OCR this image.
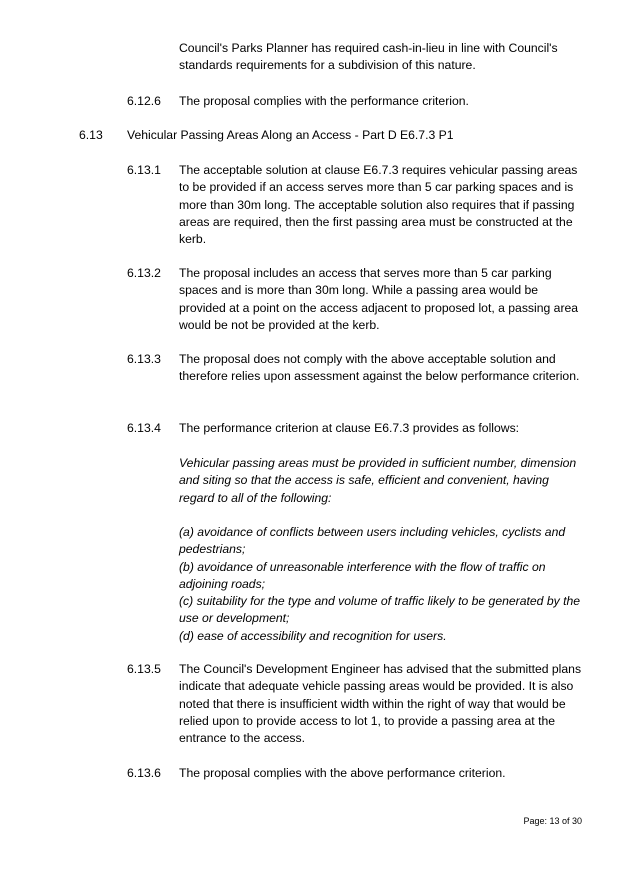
Council's Parks Planner has required cash-in-lieu in line with Council's standards requirements for a subdivision of this nature.

6.12.6 The proposal complies with the performance criterion.

6.13 Vehicular Passing Areas Along an Access - Part D E6.7.3 P1

6.13.1 The acceptable solution at clause E6.7.3 requires vehicular passing areas to be provided if an access serves more than 5 car parking spaces and is more than 30m long. The acceptable solution also requires that if passing areas are required, then the first passing area must be constructed at the kerb.

6.13.2 The proposal includes an access that serves more than 5 car parking spaces and is more than 30m long. While a passing area would be provided at a point on the access adjacent to proposed lot, a passing area would be not be provided at the kerb.

6.13.3 The proposal does not comply with the above acceptable solution and therefore relies upon assessment against the below performance criterion.

6.13.4 The performance criterion at clause E6.7.3 provides as follows:

Vehicular passing areas must be provided in sufficient number, dimension and siting so that the access is safe, efficient and convenient, having regard to all of the following:

(a) avoidance of conflicts between users including vehicles, cyclists and pedestrians;
(b) avoidance of unreasonable interference with the flow of traffic on adjoining roads;
(c) suitability for the type and volume of traffic likely to be generated by the use or development;
(d) ease of accessibility and recognition for users.

6.13.5 The Council's Development Engineer has advised that the submitted plans indicate that adequate vehicle passing areas would be provided. It is also noted that there is insufficient width within the right of way that would be relied upon to provide access to lot 1, to provide a passing area at the entrance to the access.

6.13.6 The proposal complies with the above performance criterion.

Page: 13 of 30
